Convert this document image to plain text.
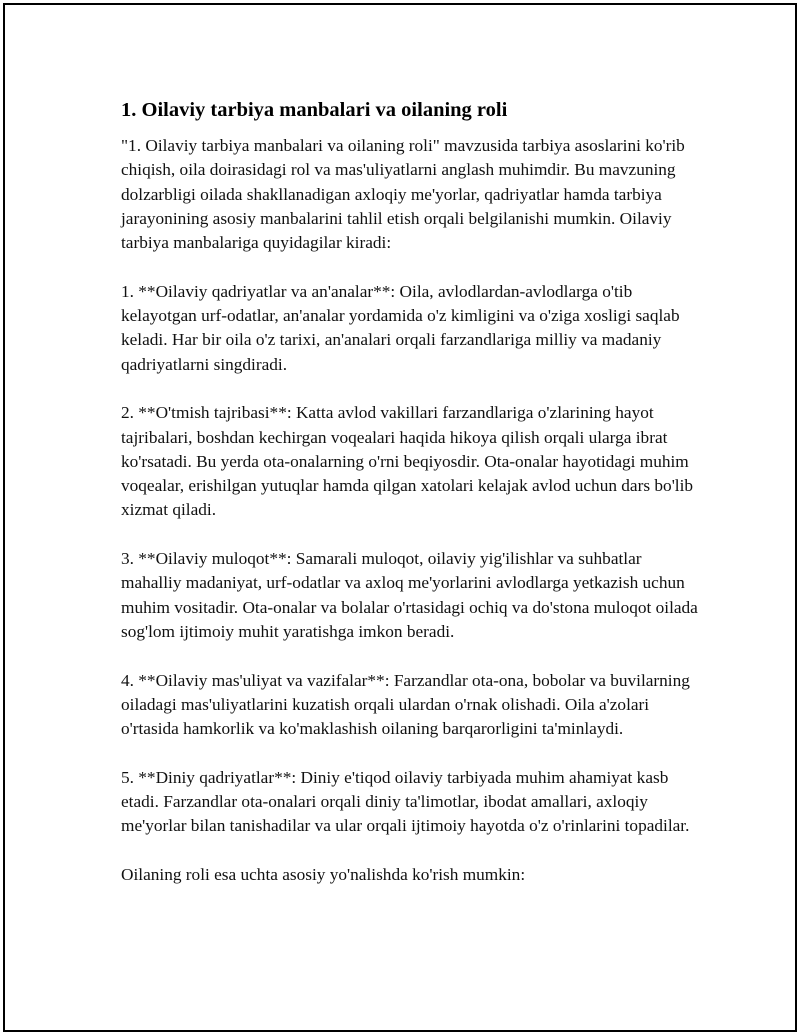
1. Oilaviy tarbiya manbalari va oilaning roli

"1. Oilaviy tarbiya manbalari va oilaning roli" mavzusida tarbiya asoslarini ko'rib chiqish, oila doirasidagi rol va mas'uliyatlarni anglash muhimdir. Bu mavzuning dolzarbligi oilada shakllanadigan axloqiy me'yorlar, qadriyatlar hamda tarbiya jarayonining asosiy manbalarini tahlil etish orqali belgilanishi mumkin. Oilaviy tarbiya manbalariga quyidagilar kiradi:

1. **Oilaviy qadriyatlar va an'analar**: Oila, avlodlardan-avlodlarga o'tib kelayotgan urf-odatlar, an'analar yordamida o'z kimligini va o'ziga xosligi saqlab keladi. Har bir oila o'z tarixi, an'analari orqali farzandlariga milliy va madaniy qadriyatlarni singdiradi.

2. **O'tmish tajribasi**: Katta avlod vakillari farzandlariga o'zlarining hayot tajribalari, boshdan kechirgan voqealari haqida hikoya qilish orqali ularga ibrat ko'rsatadi. Bu yerda ota-onalarning o'rni beqiyosdir. Ota-onalar hayotidagi muhim voqealar, erishilgan yutuqlar hamda qilgan xatolari kelajak avlod uchun dars bo'lib xizmat qiladi.

3. **Oilaviy muloqot**: Samarali muloqot, oilaviy yig'ilishlar va suhbatlar mahalliy madaniyat, urf-odatlar va axloq me'yorlarini avlodlarga yetkazish uchun muhim vositadir. Ota-onalar va bolalar o'rtasidagi ochiq va do'stona muloqot oilada sog'lom ijtimoiy muhit yaratishga imkon beradi.

4. **Oilaviy mas'uliyat va vazifalar**: Farzandlar ota-ona, bobolar va buvilarning oiladagi mas'uliyatlarini kuzatish orqali ulardan o'rnak olishadi. Oila a'zolari o'rtasida hamkorlik va ko'maklashish oilaning barqarorligini ta'minlaydi.

5. **Diniy qadriyatlar**: Diniy e'tiqod oilaviy tarbiyada muhim ahamiyat kasb etadi. Farzandlar ota-onalari orqali diniy ta'limotlar, ibodat amallari, axloqiy me'yorlar bilan tanishadilar va ular orqali ijtimoiy hayotda o'z o'rinlarini topadilar.

Oilaning roli esa uchta asosiy yo'nalishda ko'rish mumkin:
